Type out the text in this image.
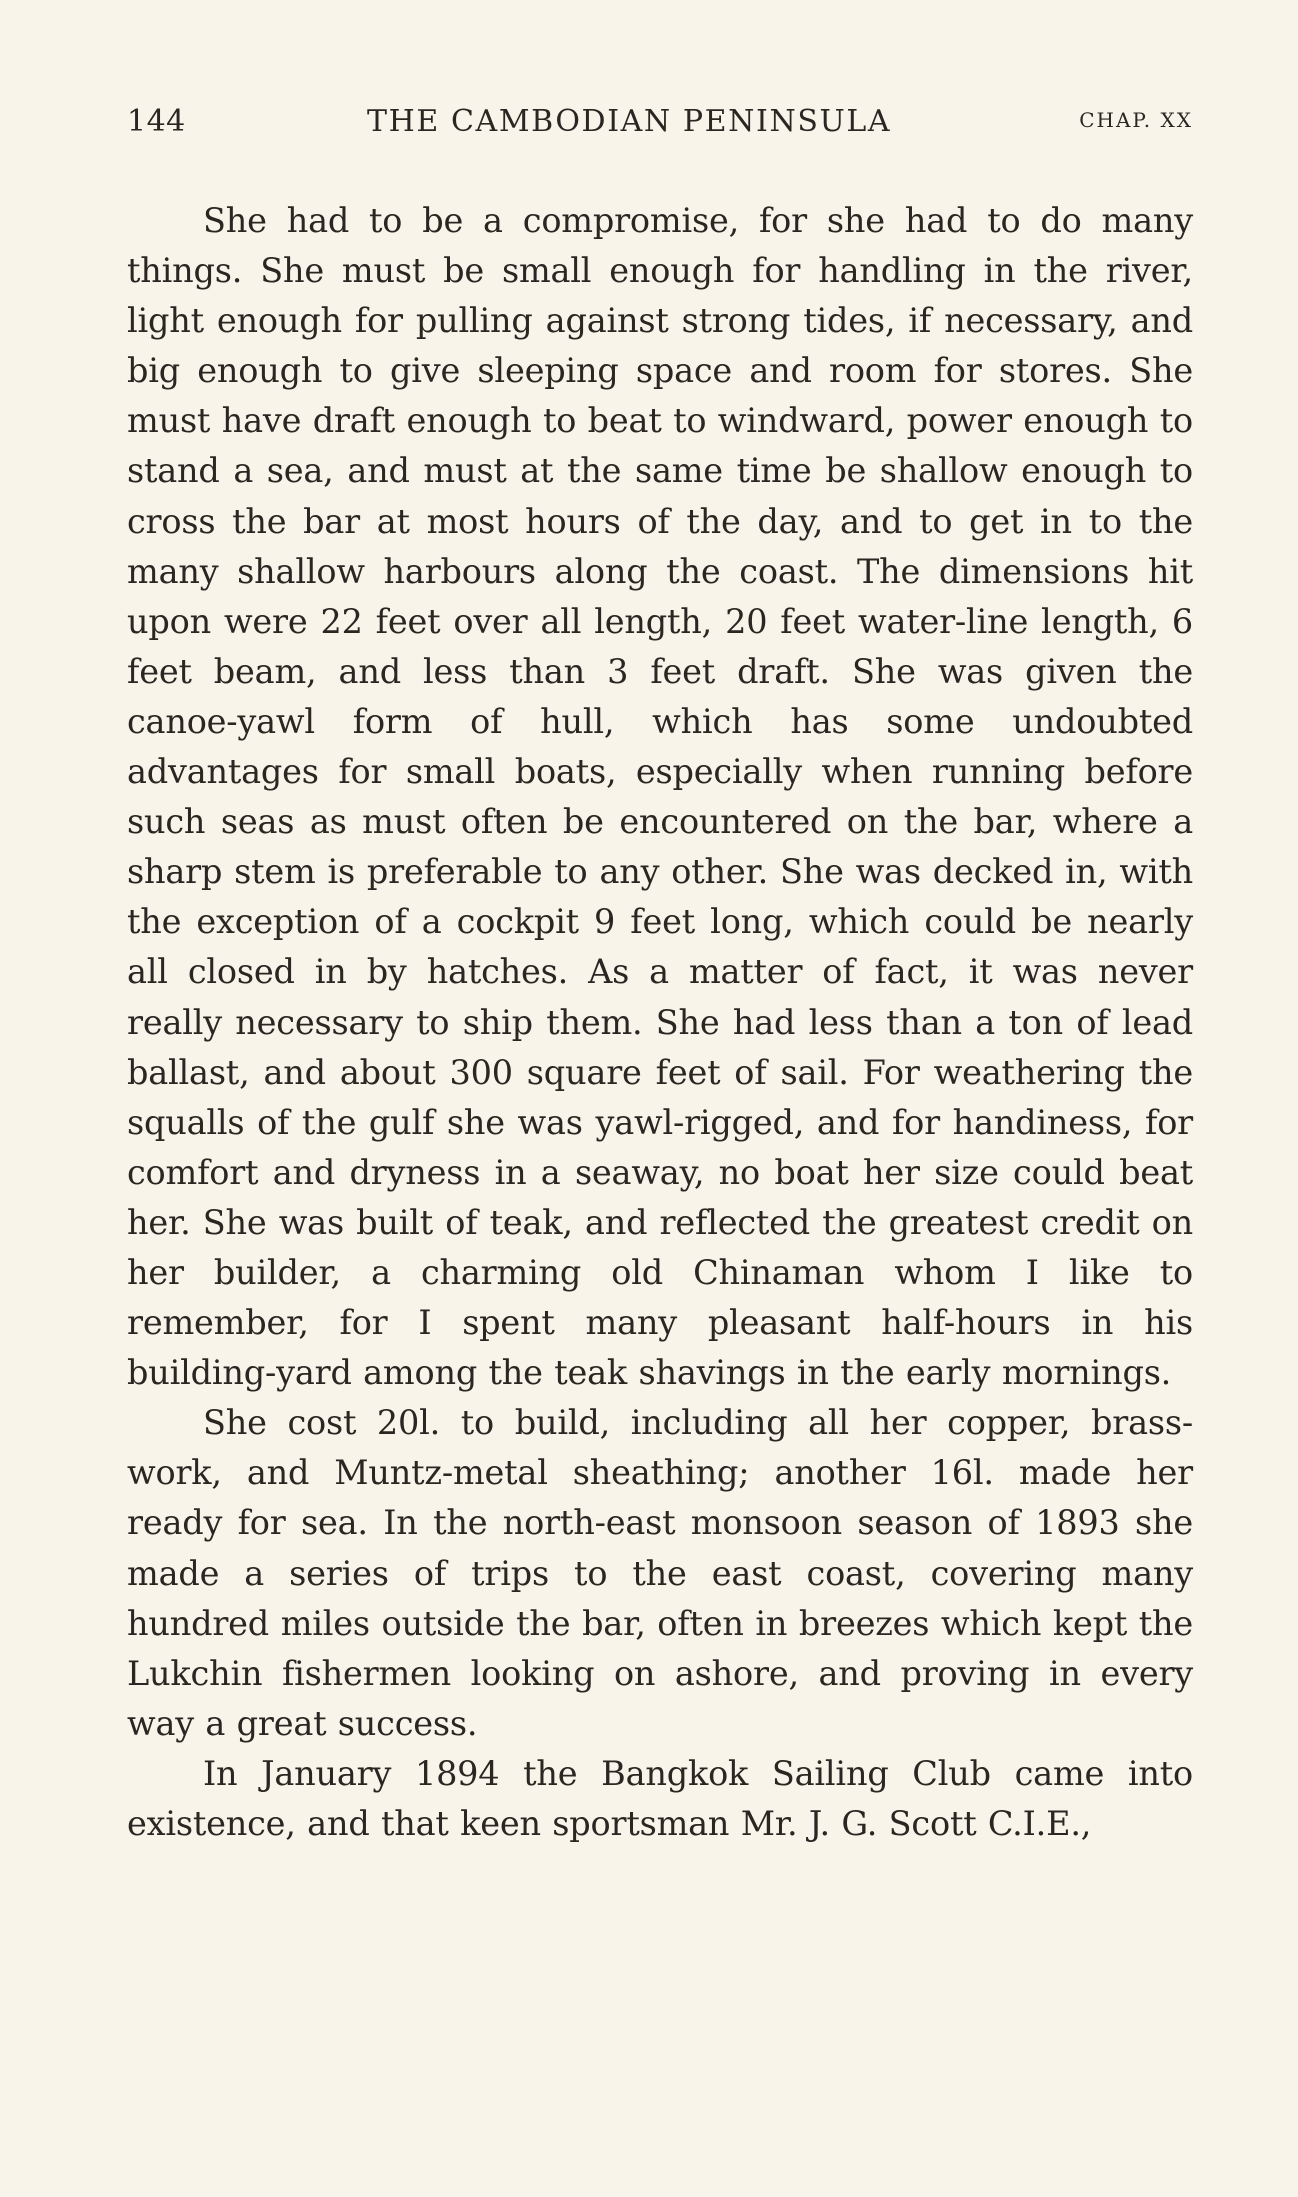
144	THE CAMBODIAN PENINSULA	CHAP. XX

She had to be a compromise, for she had to do many things. She must be small enough for handling in the river, light enough for pulling against strong tides, if necessary, and big enough to give sleeping space and room for stores. She must have draft enough to beat to windward, power enough to stand a sea, and must at the same time be shallow enough to cross the bar at most hours of the day, and to get in to the many shallow harbours along the coast. The dimensions hit upon were 22 feet over all length, 20 feet water-line length, 6 feet beam, and less than 3 feet draft. She was given the canoe-yawl form of hull, which has some undoubted advantages for small boats, especially when running before such seas as must often be encountered on the bar, where a sharp stem is preferable to any other. She was decked in, with the exception of a cockpit 9 feet long, which could be nearly all closed in by hatches. As a matter of fact, it was never really necessary to ship them. She had less than a ton of lead ballast, and about 300 square feet of sail. For weathering the squalls of the gulf she was yawl-rigged, and for handiness, for comfort and dryness in a seaway, no boat her size could beat her. She was built of teak, and reflected the greatest credit on her builder, a charming old Chinaman whom I like to remember, for I spent many pleasant half-hours in his building-yard among the teak shavings in the early mornings.

She cost 20l. to build, including all her copper, brass-work, and Muntz-metal sheathing; another 16l. made her ready for sea. In the north-east monsoon season of 1893 she made a series of trips to the east coast, covering many hundred miles outside the bar, often in breezes which kept the Lukchin fishermen looking on ashore, and proving in every way a great success.

In January 1894 the Bangkok Sailing Club came into existence, and that keen sportsman Mr. J. G. Scott C.I.E.,
